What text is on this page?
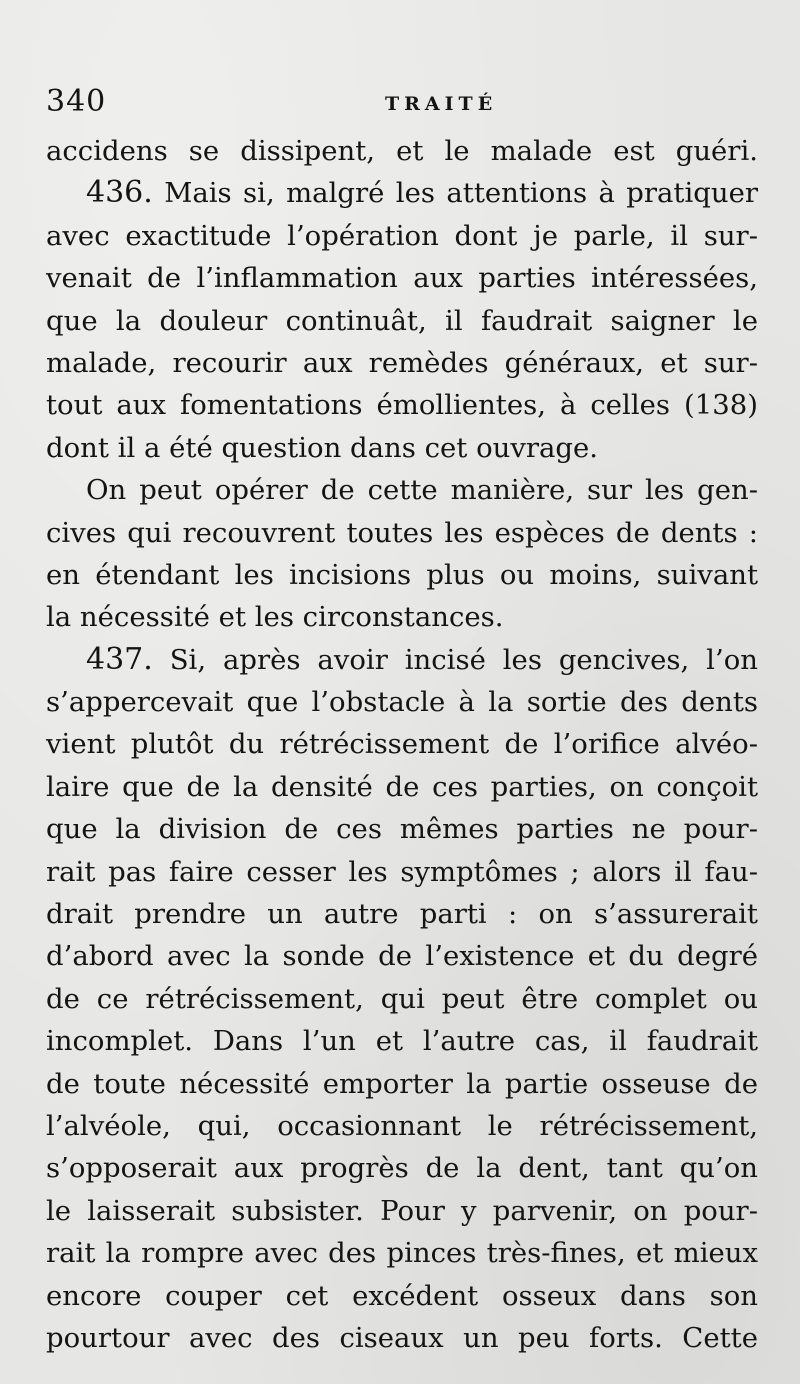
340	TRAITÉ
accidens se dissipent, et le malade est guéri.
436. Mais si, malgré les attentions à pratiquer
avec exactitude l’opération dont je parle, il sur-
venait de l’inflammation aux parties intéressées,
que la douleur continuât, il faudrait saigner le
malade, recourir aux remèdes généraux, et sur-
tout aux fomentations émollientes, à celles (138)
dont il a été question dans cet ouvrage.
On peut opérer de cette manière, sur les gen-
cives qui recouvrent toutes les espèces de dents :
en étendant les incisions plus ou moins, suivant
la nécessité et les circonstances.
437. Si, après avoir incisé les gencives, l’on
s’appercevait que l’obstacle à la sortie des dents
vient plutôt du rétrécissement de l’orifice alvéo-
laire que de la densité de ces parties, on conçoit
que la division de ces mêmes parties ne pour-
rait pas faire cesser les symptômes ; alors il fau-
drait prendre un autre parti : on s’assurerait
d’abord avec la sonde de l’existence et du degré
de ce rétrécissement, qui peut être complet ou
incomplet. Dans l’un et l’autre cas, il faudrait
de toute nécessité emporter la partie osseuse de
l’alvéole, qui, occasionnant le rétrécissement,
s’opposerait aux progrès de la dent, tant qu’on
le laisserait subsister. Pour y parvenir, on pour-
rait la rompre avec des pinces très-fines, et mieux
encore couper cet excédent osseux dans son
pourtour avec des ciseaux un peu forts. Cette
